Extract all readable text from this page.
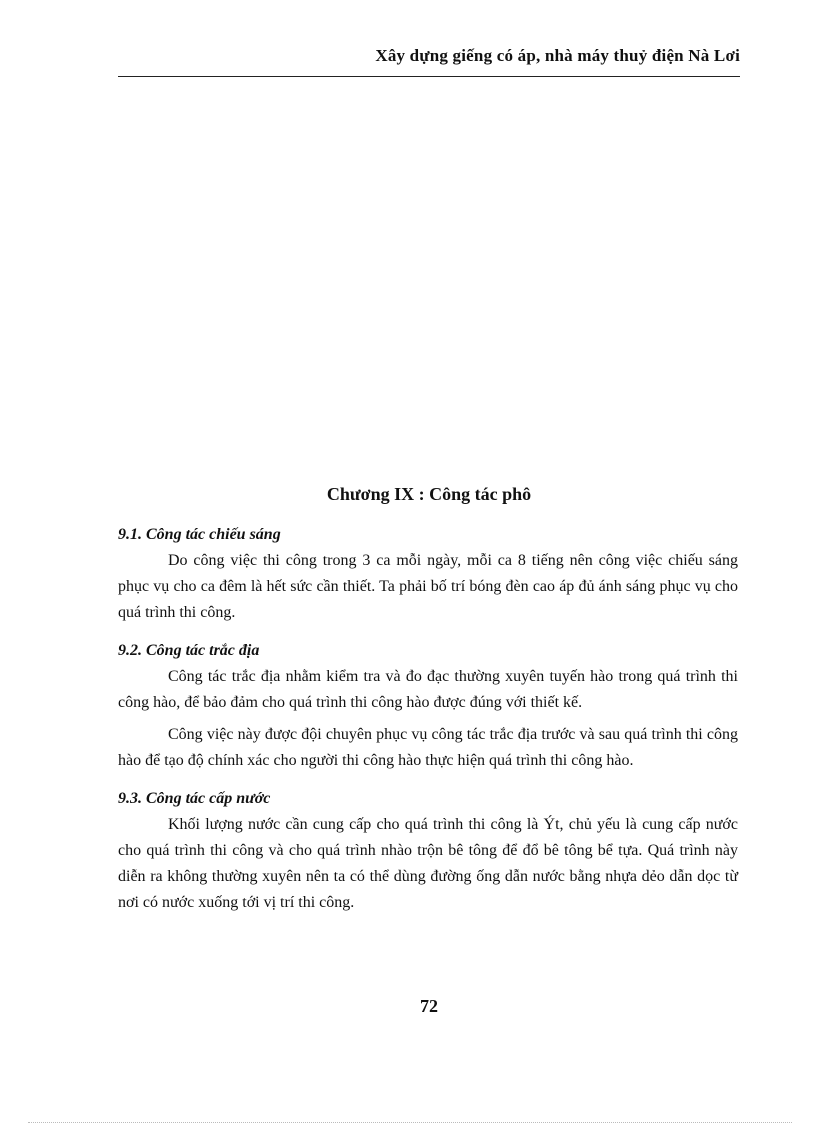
Xây dựng giếng có áp, nhà máy thuỷ điện Nà Lơi
Chương IX : Công tác phô

9.1. Công tác chiếu sáng

Do công việc thi công trong 3 ca mỗi ngày, mỗi ca 8 tiếng nên công việc chiếu sáng phục vụ cho ca đêm là hết sức cần thiết. Ta phải bố trí bóng đèn cao áp đủ ánh sáng phục vụ cho quá trình thi công.

9.2. Công tác trắc địa

Công tác trắc địa nhằm kiểm tra và đo đạc thường xuyên tuyến hào trong quá trình thi công hào, để bảo đảm cho quá trình thi công hào được đúng với thiết kế.

Công việc này được đội chuyên phục vụ công tác trắc địa trước và sau quá trình thi công hào để tạo độ chính xác cho người thi công hào thực hiện quá trình thi công hào.

9.3. Công tác cấp nước

Khối lượng nước cần cung cấp cho quá trình thi công là Ýt, chủ yếu là cung cấp nước cho quá trình thi công và cho quá trình nhào trộn bê tông để đổ bê tông bể tựa. Quá trình này diễn ra không thường xuyên nên ta có thể dùng đường ống dẫn nước bằng nhựa dẻo dẫn dọc từ nơi có nước xuống tới vị trí thi công.

72
